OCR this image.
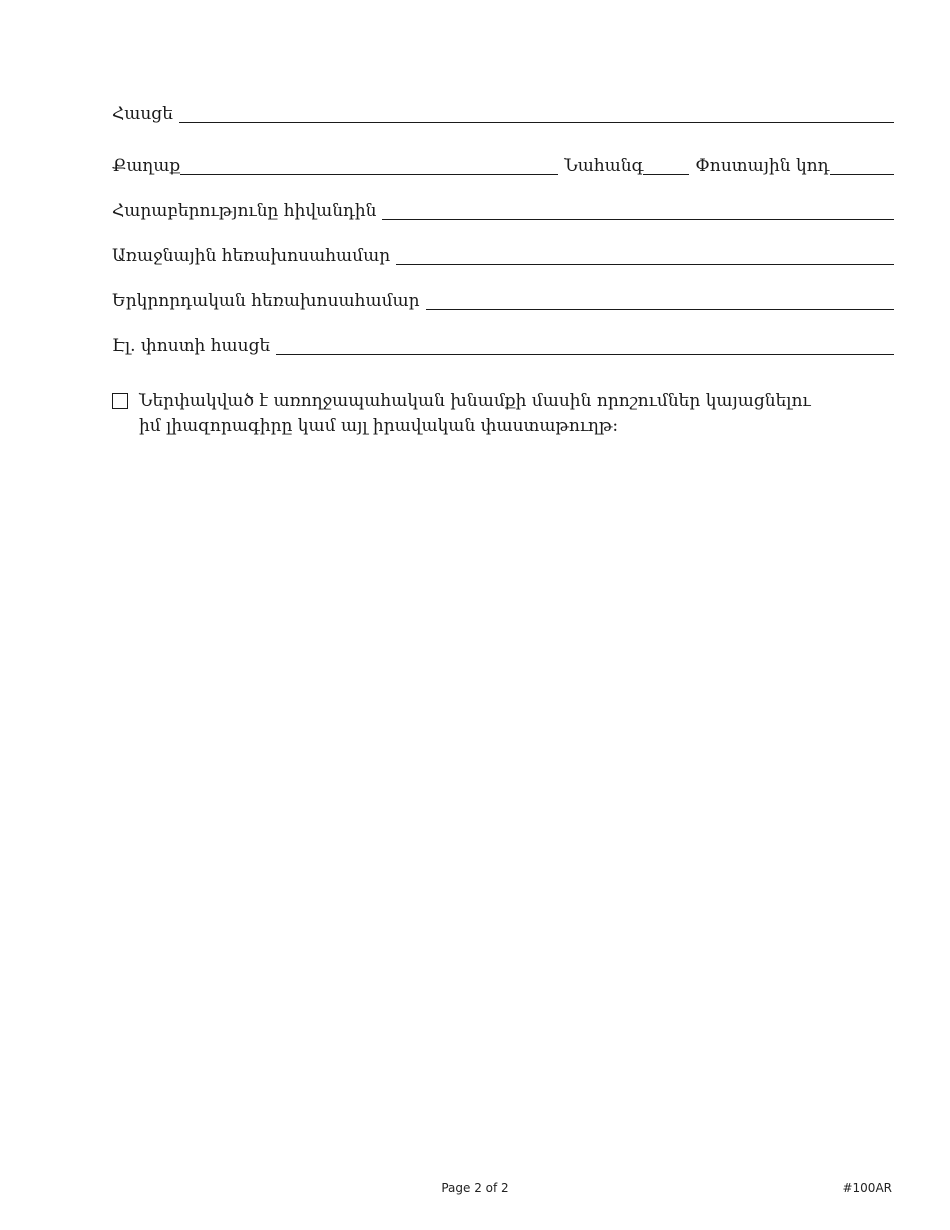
Հասցե
Քաղաք	Նահանգ	Փոստային կոդ
Հարաբերությունը հիվանդին
Առաջնային հեռախոսահամար
Երկրորդական հեռախոսահամար
Էլ. փոստի հասցե
Ներփակված է առողջապահական խնամքի մասին որոշումներ կայացնելու իմ լիազորագիրը կամ այլ իրավական փաստաթուղթ:
Page 2 of 2	#100AR
